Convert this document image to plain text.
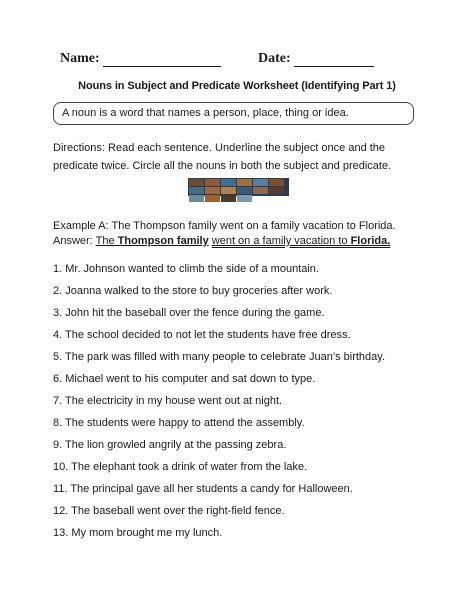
Name:	Date:
Nouns in Subject and Predicate Worksheet (Identifying Part 1)
A noun is a word that names a person, place, thing or idea.
Directions: Read each sentence. Underline the subject once and the predicate twice. Circle all the nouns in both the subject and predicate.
Example A: The Thompson family went on a family vacation to Florida.
Answer: The Thompson family went on a family vacation to Florida.
1. Mr. Johnson wanted to climb the side of a mountain.
2. Joanna walked to the store to buy groceries after work.
3. John hit the baseball over the fence during the game.
4. The school decided to not let the students have free dress.
5. The park was filled with many people to celebrate Juan’s birthday.
6. Michael went to his computer and sat down to type.
7. The electricity in my house went out at night.
8. The students were happy to attend the assembly.
9. The lion growled angrily at the passing zebra.
10. The elephant took a drink of water from the lake.
11. The principal gave all her students a candy for Halloween.
12. The baseball went over the right-field fence.
13. My mom brought me my lunch.
